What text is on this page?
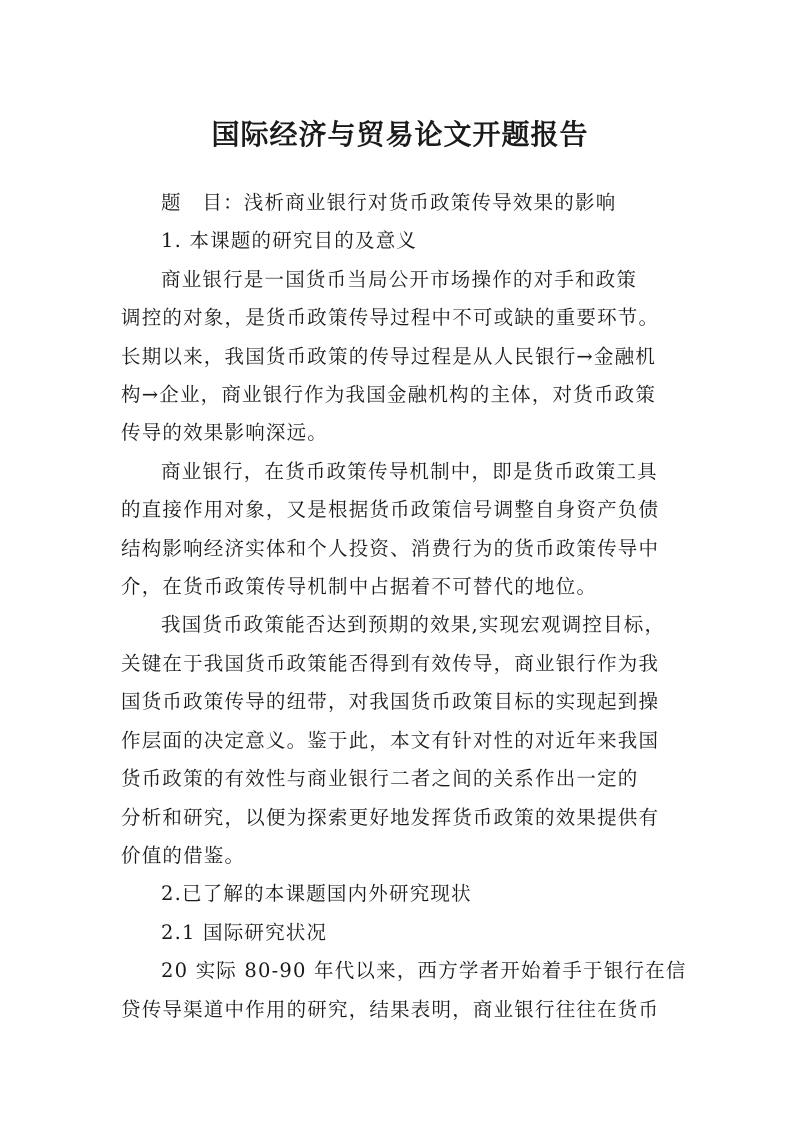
国际经济与贸易论文开题报告

题　目：浅析商业银行对货币政策传导效果的影响

1. 本课题的研究目的及意义

商业银行是一国货币当局公开市场操作的对手和政策

调控的对象，是货币政策传导过程中不可或缺的重要环节。

长期以来，我国货币政策的传导过程是从人民银行→金融机

构→企业，商业银行作为我国金融机构的主体，对货币政策

传导的效果影响深远。

商业银行，在货币政策传导机制中，即是货币政策工具

的直接作用对象，又是根据货币政策信号调整自身资产负债

结构影响经济实体和个人投资、消费行为的货币政策传导中

介，在货币政策传导机制中占据着不可替代的地位。

我国货币政策能否达到预期的效果,实现宏观调控目标，

关键在于我国货币政策能否得到有效传导，商业银行作为我

国货币政策传导的纽带，对我国货币政策目标的实现起到操

作层面的决定意义。鉴于此，本文有针对性的对近年来我国

货币政策的有效性与商业银行二者之间的关系作出一定的

分析和研究，以便为探索更好地发挥货币政策的效果提供有

价值的借鉴。

2.已了解的本课题国内外研究现状

2.1 国际研究状况

20 实际 80-90 年代以来，西方学者开始着手于银行在信

贷传导渠道中作用的研究，结果表明，商业银行往往在货币
